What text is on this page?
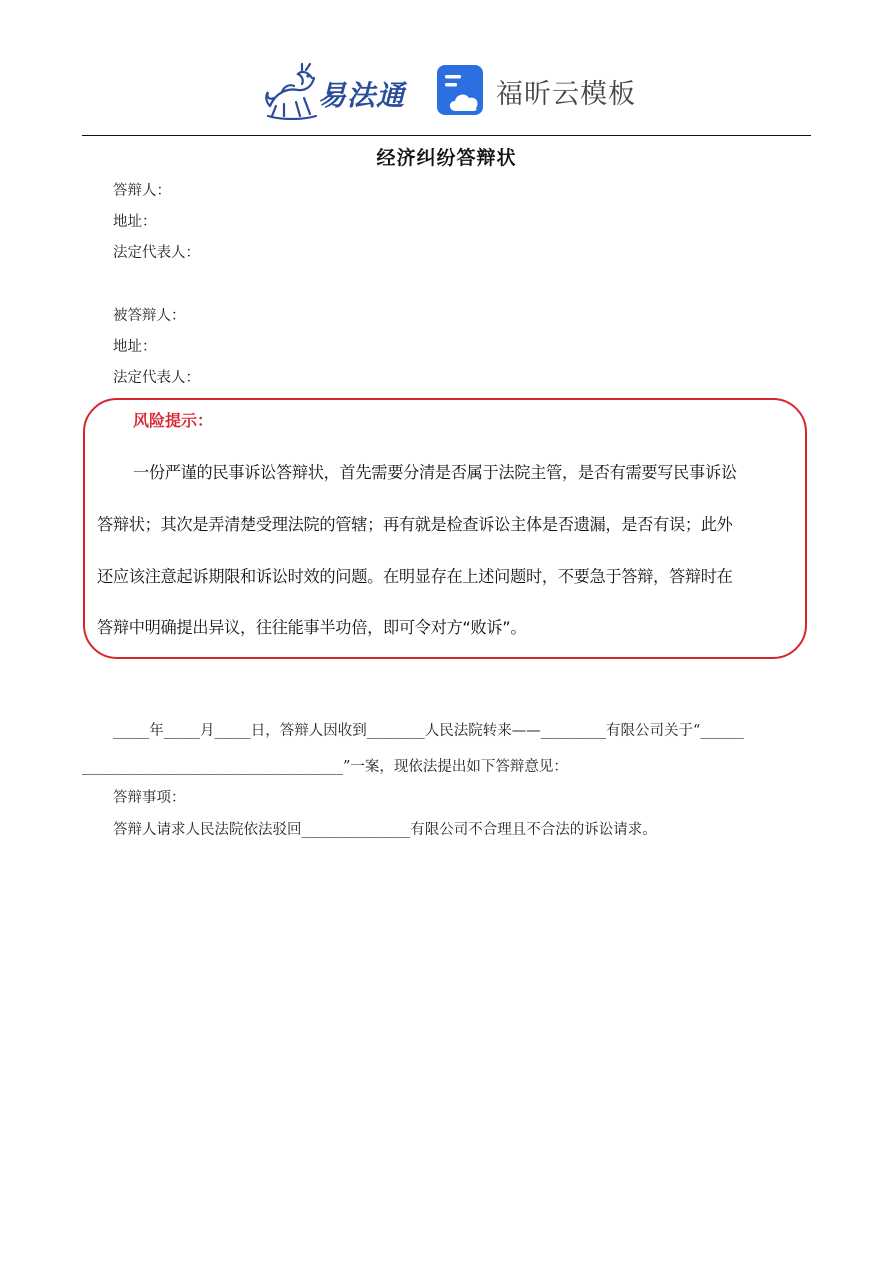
易法通	福昕云模板
经济纠纷答辩状
答辩人：
地址：
法定代表人：
被答辩人：
地址：
法定代表人：
风险提示：
一份严谨的民事诉讼答辩状，首先需要分清是否属于法院主管，是否有需要写民事诉讼
答辩状；其次是弄清楚受理法院的管辖；再有就是检查诉讼主体是否遗漏，是否有误；此外
还应该注意起诉期限和诉讼时效的问题。在明显存在上述问题时，不要急于答辩，答辩时在
答辩中明确提出异议，往往能事半功倍，即可令对方“败诉”。
_____年_____月_____日，答辩人因收到________人民法院转来——_________有限公司关于“______
____________________________________”一案，现依法提出如下答辩意见：
答辩事项：
答辩人请求人民法院依法驳回_______________有限公司不合理且不合法的诉讼请求。
